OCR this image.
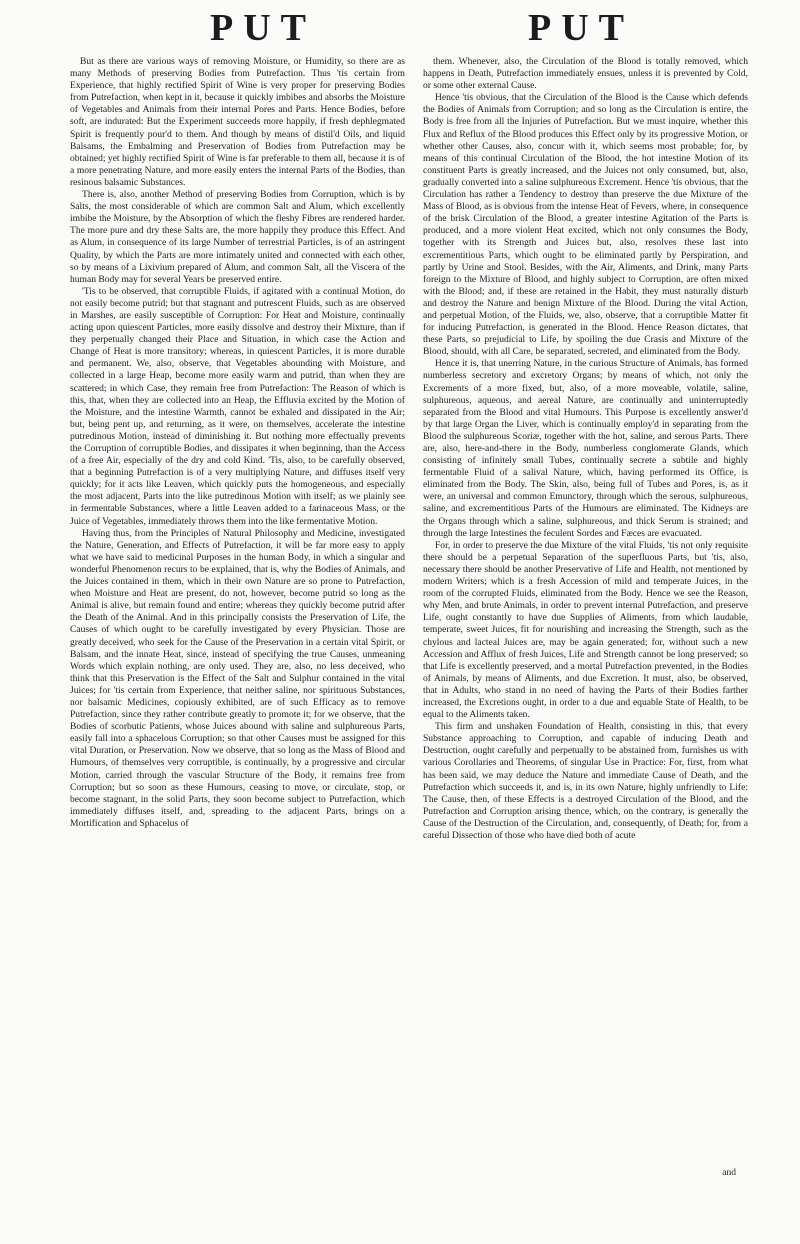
PUT	PUT

But as there are various ways of removing Moisture, or Humidity, so there are as many Methods of preserving Bodies from Putrefaction. Thus 'tis certain from Experience, that highly rectified Spirit of Wine is very proper for preserving Bodies from Putrefaction, when kept in it, because it quickly imbibes and absorbs the Moisture of Vegetables and Animals from their internal Pores and Parts. Hence Bodies, before soft, are indurated: But the Experiment succeeds more happily, if fresh dephlegmated Spirit is frequently pour'd to them. And though by means of distil'd Oils, and liquid Balsams, the Embalming and Preservation of Bodies from Putrefaction may be obtained; yet highly rectified Spirit of Wine is far preferable to them all, because it is of a more penetrating Nature, and more easily enters the internal Parts of the Bodies, than resinous balsamic Substances.

There is, also, another Method of preserving Bodies from Corruption, which is by Salts, the most considerable of which are common Salt and Alum, which excellently imbibe the Moisture, by the Absorption of which the fleshy Fibres are rendered harder. The more pure and dry these Salts are, the more happily they produce this Effect. And as Alum, in consequence of its large Number of terrestrial Particles, is of an astringent Quality, by which the Parts are more intimately united and connected with each other, so by means of a Lixivium prepared of Alum, and common Salt, all the Viscera of the human Body may for several Years be preserved entire.

'Tis to be observed, that corruptible Fluids, if agitated with a continual Motion, do not easily become putrid; but that stagnant and putrescent Fluids, such as are observed in Marshes, are easily susceptible of Corruption: For Heat and Moisture, continually acting upon quiescent Particles, more easily dissolve and destroy their Mixture, than if they perpetually changed their Place and Situation, in which case the Action and Change of Heat is more transitory; whereas, in quiescent Particles, it is more durable and permanent. We, also, observe, that Vegetables abounding with Moisture, and collected in a large Heap, become more easily warm and putrid, than when they are scattered; in which Case, they remain free from Putrefaction: The Reason of which is this, that, when they are collected into an Heap, the Effluvia excited by the Motion of the Moisture, and the intestine Warmth, cannot be exhaled and dissipated in the Air; but, being pent up, and returning, as it were, on themselves, accelerate the intestine putredinous Motion, instead of diminishing it. But nothing more effectually prevents the Corruption of corruptible Bodies, and dissipates it when beginning, than the Access of a free Air, especially of the dry and cold Kind. 'Tis, also, to be carefully observed, that a beginning Putrefaction is of a very multiplying Nature, and diffuses itself very quickly; for it acts like Leaven, which quickly puts the homogeneous, and especially the most adjacent, Parts into the like putredinous Motion with itself; as we plainly see in fermentable Substances, where a little Leaven added to a farinaceous Mass, or the Juice of Vegetables, immediately throws them into the like fermentative Motion.

Having thus, from the Principles of Natural Philosophy and Medicine, investigated the Nature, Generation, and Effects of Putrefaction, it will be far more easy to apply what we have said to medicinal Purposes in the human Body, in which a singular and wonderful Phenomenon recurs to be explained, that is, why the Bodies of Animals, and the Juices contained in them, which in their own Nature are so prone to Putrefaction, when Moisture and Heat are present, do not, however, become putrid so long as the Animal is alive, but remain found and entire; whereas they quickly become putrid after the Death of the Animal. And in this principally consists the Preservation of Life, the Causes of which ought to be carefully investigated by every Physician. Those are greatly deceived, who seek for the Cause of the Preservation in a certain vital Spirit, or Balsam, and the innate Heat, since, instead of specifying the true Causes, unmeaning Words which explain nothing, are only used. They are, also, no less deceived, who think that this Preservation is the Effect of the Salt and Sulphur contained in the vital Juices; for 'tis certain from Experience, that neither saline, nor spirituous Substances, nor balsamic Medicines, copiously exhibited, are of such Efficacy as to remove Putrefaction, since they rather contribute greatly to promote it; for we observe, that the Bodies of scorbutic Patients, whose Juices abound with saline and sulphureous Parts, easily fall into a sphacelous Corruption; so that other Causes must be assigned for this vital Duration, or Preservation. Now we observe, that so long as the Mass of Blood and Humours, of themselves very corruptible, is continually, by a progressive and circular Motion, carried through the vascular Structure of the Body, it remains free from Corruption; but so soon as these Humours, ceasing to move, or circulate, stop, or become stagnant, in the solid Parts, they soon become subject to Putrefaction, which immediately diffuses itself, and, spreading to the adjacent Parts, brings on a Mortification and Sphacelus of

them. Whenever, also, the Circulation of the Blood is totally removed, which happens in Death, Putrefaction immediately ensues, unless it is prevented by Cold, or some other external Cause.

Hence 'tis obvious, that the Circulation of the Blood is the Cause which defends the Bodies of Animals from Corruption; and so long as the Circulation is entire, the Body is free from all the Injuries of Putrefaction. But we must inquire, whether this Flux and Reflux of the Blood produces this Effect only by its progressive Motion, or whether other Causes, also, concur with it, which seems most probable; for, by means of this continual Circulation of the Blood, the hot intestine Motion of its constituent Parts is greatly increased, and the Juices not only consumed, but, also, gradually converted into a saline sulphureous Excrement. Hence 'tis obvious, that the Circulation has rather a Tendency to destroy than preserve the due Mixture of the Mass of Blood, as is obvious from the intense Heat of Fevers, where, in consequence of the brisk Circulation of the Blood, a greater intestine Agitation of the Parts is produced, and a more violent Heat excited, which not only consumes the Body, together with its Strength and Juices but, also, resolves these last into excrementitious Parts, which ought to be eliminated partly by Perspiration, and partly by Urine and Stool. Besides, with the Air, Aliments, and Drink, many Parts foreign to the Mixture of Blood, and highly subject to Corruption, are often mixed with the Blood; and, if these are retained in the Habit, they must naturally disturb and destroy the Nature and benign Mixture of the Blood. During the vital Action, and perpetual Motion, of the Fluids, we, also, observe, that a corruptible Matter fit for inducing Putrefaction, is generated in the Blood. Hence Reason dictates, that these Parts, so prejudicial to Life, by spoiling the due Crasis and Mixture of the Blood, should, with all Care, be separated, secreted, and eliminated from the Body.

Hence it is, that unerring Nature, in the curious Structure of Animals, has formed numberless secretory and excretory Organs; by means of which, not only the Excrements of a more fixed, but, also, of a more moveable, volatile, saline, sulphureous, aqueous, and aereal Nature, are continually and uninterruptedly separated from the Blood and vital Humours. This Purpose is excellently answer'd by that large Organ the Liver, which is continually employ'd in separating from the Blood the sulphureous Scoriæ, together with the hot, saline, and serous Parts. There are, also, here-and-there in the Body, numberless conglomerate Glands, which consisting of infinitely small Tubes, continually secrete a subtile and highly fermentable Fluid of a salival Nature, which, having performed its Office, is eliminated from the Body. The Skin, also, being full of Tubes and Pores, is, as it were, an universal and common Emunctory, through which the serous, sulphureous, saline, and excrementitious Parts of the Humours are eliminated. The Kidneys are the Organs through which a saline, sulphureous, and thick Serum is strained; and through the large Intestines the feculent Sordes and Fæces are evacuated.

For, in order to preserve the due Mixture of the vital Fluids, 'tis not only requisite there should be a perpetual Separation of the superfluous Parts, but 'tis, also, necessary there should be another Preservative of Life and Health, not mentioned by modern Writers; which is a fresh Accession of mild and temperate Juices, in the room of the corrupted Fluids, eliminated from the Body. Hence we see the Reason, why Men, and brute Animals, in order to prevent internal Putrefaction, and preserve Life, ought constantly to have due Supplies of Aliments, from which laudable, temperate, sweet Juices, fit for nourishing and increasing the Strength, such as the chylous and lacteal Juices are, may be again generated; for, without such a new Accession and Afflux of fresh Juices, Life and Strength cannot be long preserved; so that Life is excellently preserved, and a mortal Putrefaction prevented, in the Bodies of Animals, by means of Aliments, and due Excretion. It must, also, be observed, that in Adults, who stand in no need of having the Parts of their Bodies farther increased, the Excretions ought, in order to a due and equable State of Health, to be equal to the Aliments taken.

This firm and unshaken Foundation of Health, consisting in this, that every Substance approaching to Corruption, and capable of inducing Death and Destruction, ought carefully and perpetually to be abstained from, furnishes us with various Corollaries and Theorems, of singular Use in Practice: For, first, from what has been said, we may deduce the Nature and immediate Cause of Death, and the Putrefaction which succeeds it, and is, in its own Nature, highly unfriendly to Life: The Cause, then, of these Effects is a destroyed Circulation of the Blood, and the Putrefaction and Corruption arising thence, which, on the contrary, is generally the Cause of the Destruction of the Circulation, and, consequently, of Death; for, from a careful Dissection of those who have died both of acute

and
